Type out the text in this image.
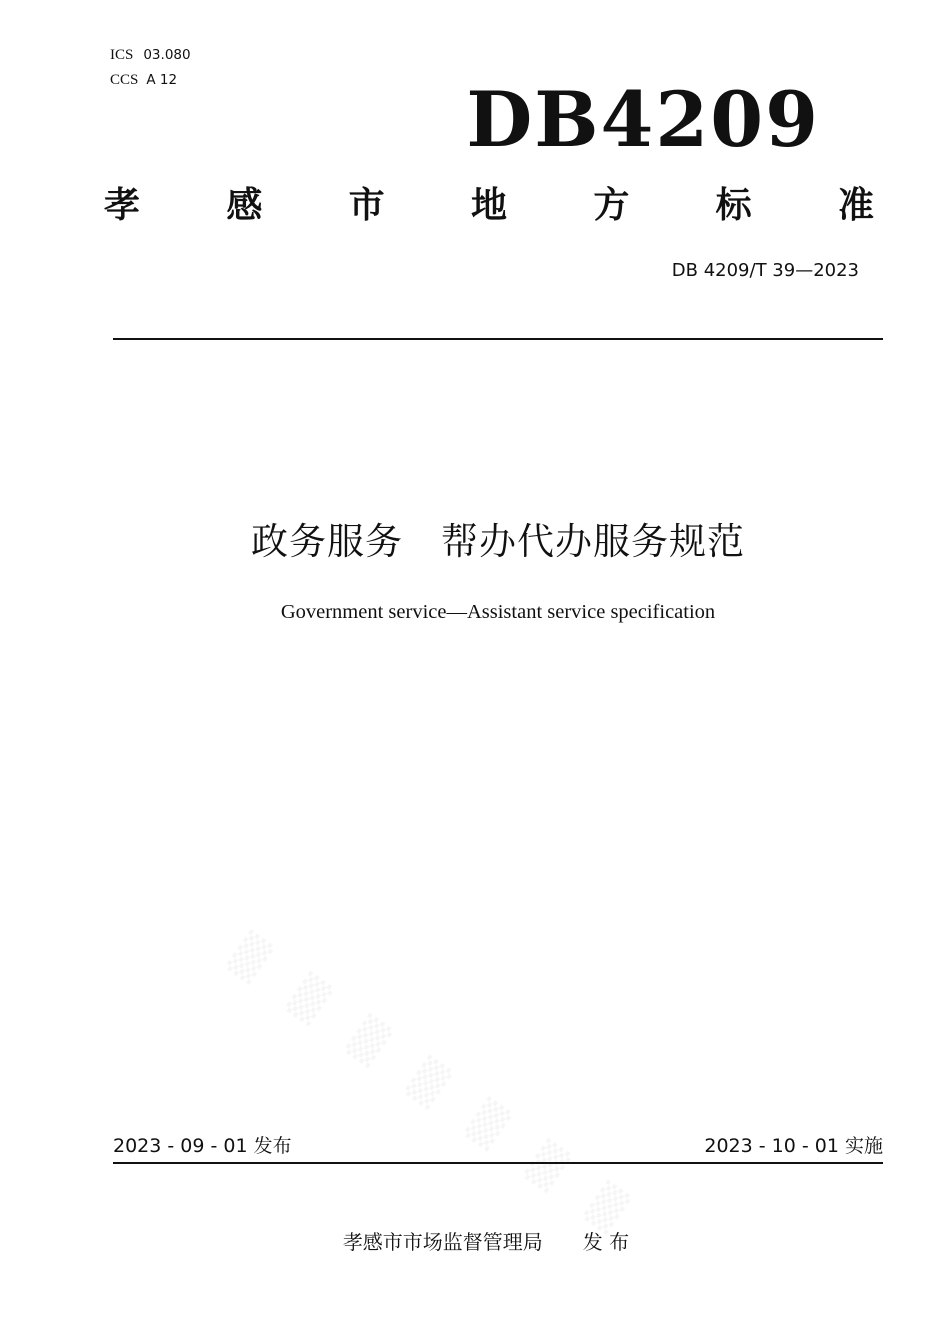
ICS 03.080
CCS A 12	DB4209
孝 感 市 地 方 标 准
DB 4209/T 39—2023
政务服务　帮办代办服务规范
Government service—Assistant service specification
2023 - 09 - 01 发布	2023 - 10 - 01 实施
孝感市市场监督管理局　　发 布
